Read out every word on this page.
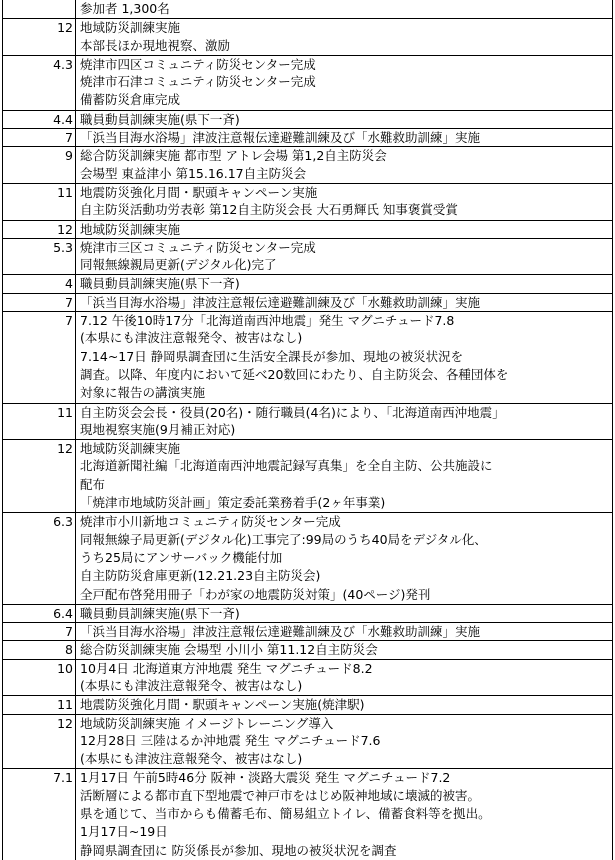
参加者 1,300名
12 地域防災訓練実施
本部長ほか現地視察、激励
4.3 焼津市四区コミュニティ防災センター完成
焼津市石津コミュニティ防災センター完成
備蓄防災倉庫完成
4.4 職員動員訓練実施(県下一斉)
7 「浜当目海水浴場」津波注意報伝達避難訓練及び「水難救助訓練」実施
9 総合防災訓練実施 都市型 アトレ会場 第1,2自主防災会
会場型 東益津小 第15.16.17自主防災会
11 地震防災強化月間・駅頭キャンペーン実施
自主防災活動功労表彰 第12自主防災会長 大石勇輝氏 知事褒賞受賞
12 地域防災訓練実施
5.3 焼津市三区コミュニティ防災センター完成
同報無線親局更新(デジタル化)完了
4 職員動員訓練実施(県下一斉)
7 「浜当目海水浴場」津波注意報伝達避難訓練及び「水難救助訓練」実施
7 7.12 午後10時17分「北海道南西沖地震」発生 マグニチュード7.8
(本県にも津波注意報発令、被害はなし)
7.14~17日 静岡県調査団に生活安全課長が参加、現地の被災状況を
調査。以降、年度内において延べ20数回にわたり、自主防災会、各種団体を
対象に報告の講演実施
11 自主防災会会長・役員(20名)・随行職員(4名)により、「北海道南西沖地震」
現地視察実施(9月補正対応)
12 地域防災訓練実施
北海道新聞社編「北海道南西沖地震記録写真集」を全自主防、公共施設に
配布
「焼津市地域防災計画」策定委託業務着手(2ヶ年事業)
6.3 焼津市小川新地コミュニティ防災センター完成
同報無線子局更新(デジタル化)工事完了:99局のうち40局をデジタル化、
うち25局にアンサーバック機能付加
自主防防災倉庫更新(12.21.23自主防災会)
全戸配布啓発用冊子「わが家の地震防災対策」(40ページ)発刊
6.4 職員動員訓練実施(県下一斉)
7 「浜当目海水浴場」津波注意報伝達避難訓練及び「水難救助訓練」実施
8 総合防災訓練実施 会場型 小川小 第11.12自主防災会
10 10月4日 北海道東方沖地震 発生 マグニチュード8.2
(本県にも津波注意報発令、被害はなし)
11 地震防災強化月間・駅頭キャンペーン実施(焼津駅)
12 地域防災訓練実施 イメージトレーニング導入
12月28日 三陸はるか沖地震 発生 マグニチュード7.6
(本県にも津波注意報発令、被害はなし)
7.1 1月17日 午前5時46分 阪神・淡路大震災 発生 マグニチュード7.2
活断層による都市直下型地震で神戸市をはじめ阪神地域に壊滅的被害。
県を通じて、当市からも備蓄毛布、簡易組立トイレ、備蓄食料等を拠出。
1月17日~19日
静岡県調査団に 防災係長が参加、現地の被災状況を調査
